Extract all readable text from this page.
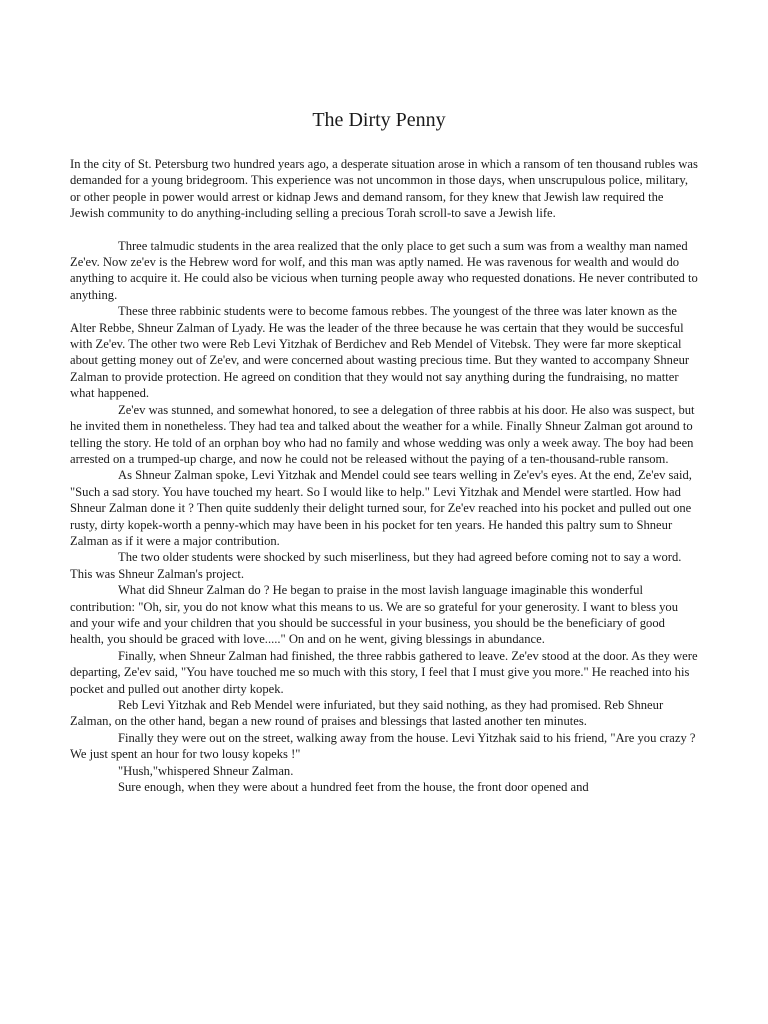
The Dirty Penny

In the city of St. Petersburg two hundred years ago, a desperate situation arose in which a ransom of ten thousand rubles was demanded for a young bridegroom. This experience was not uncommon in those days, when unscrupulous police, military, or other people in power would arrest or kidnap Jews and demand ransom, for they knew that Jewish law required the Jewish community to do anything-including selling a precious Torah scroll-to save a Jewish life.

Three talmudic students in the area realized that the only place to get such a sum was from a wealthy man named Ze'ev. Now ze'ev is the Hebrew word for wolf, and this man was aptly named. He was ravenous for wealth and would do anything to acquire it. He could also be vicious when turning people away who requested donations. He never contributed to anything.

These three rabbinic students were to become famous rebbes. The youngest of the three was later known as the Alter Rebbe, Shneur Zalman of Lyady. He was the leader of the three because he was certain that they would be succesful with Ze'ev. The other two were Reb Levi Yitzhak of Berdichev and Reb Mendel of Vitebsk. They were far more skeptical about getting money out of Ze'ev, and were concerned about wasting precious time. But they wanted to accompany Shneur Zalman to provide protection. He agreed on condition that they would not say anything during the fundraising, no matter what happened.

Ze'ev was stunned, and somewhat honored, to see a delegation of three rabbis at his door. He also was suspect, but he invited them in nonetheless. They had tea and talked about the weather for a while. Finally Shneur Zalman got around to telling the story. He told of an orphan boy who had no family and whose wedding was only a week away. The boy had been arrested on a trumped-up charge, and now he could not be released without the paying of a ten-thousand-ruble ransom.

As Shneur Zalman spoke, Levi Yitzhak and Mendel could see tears welling in Ze'ev's eyes. At the end, Ze'ev said, "Such a sad story. You have touched my heart. So I would like to help." Levi Yitzhak and Mendel were startled. How had Shneur Zalman done it ? Then quite suddenly their delight turned sour, for Ze'ev reached into his pocket and pulled out one rusty, dirty kopek-worth a penny-which may have been in his pocket for ten years. He handed this paltry sum to Shneur Zalman as if it were a major contribution.

The two older students were shocked by such miserliness, but they had agreed before coming not to say a word. This was Shneur Zalman's project.

What did Shneur Zalman do ? He began to praise in the most lavish language imaginable this wonderful contribution: "Oh, sir, you do not know what this means to us. We are so grateful for your generosity. I want to bless you and your wife and your children that you should be successful in your business, you should be the beneficiary of good health, you should be graced with love....." On and on he went, giving blessings in abundance.

Finally, when Shneur Zalman had finished, the three rabbis gathered to leave. Ze'ev stood at the door. As they were departing, Ze'ev said, "You have touched me so much with this story, I feel that I must give you more." He reached into his pocket and pulled out another dirty kopek.

Reb Levi Yitzhak and Reb Mendel were infuriated, but they said nothing, as they had promised. Reb Shneur Zalman, on the other hand, began a new round of praises and blessings that lasted another ten minutes.

Finally they were out on the street, walking away from the house. Levi Yitzhak said to his friend, "Are you crazy ? We just spent an hour for two lousy kopeks !"

"Hush,"whispered Shneur Zalman.

Sure enough, when they were about a hundred feet from the house, the front door opened and
